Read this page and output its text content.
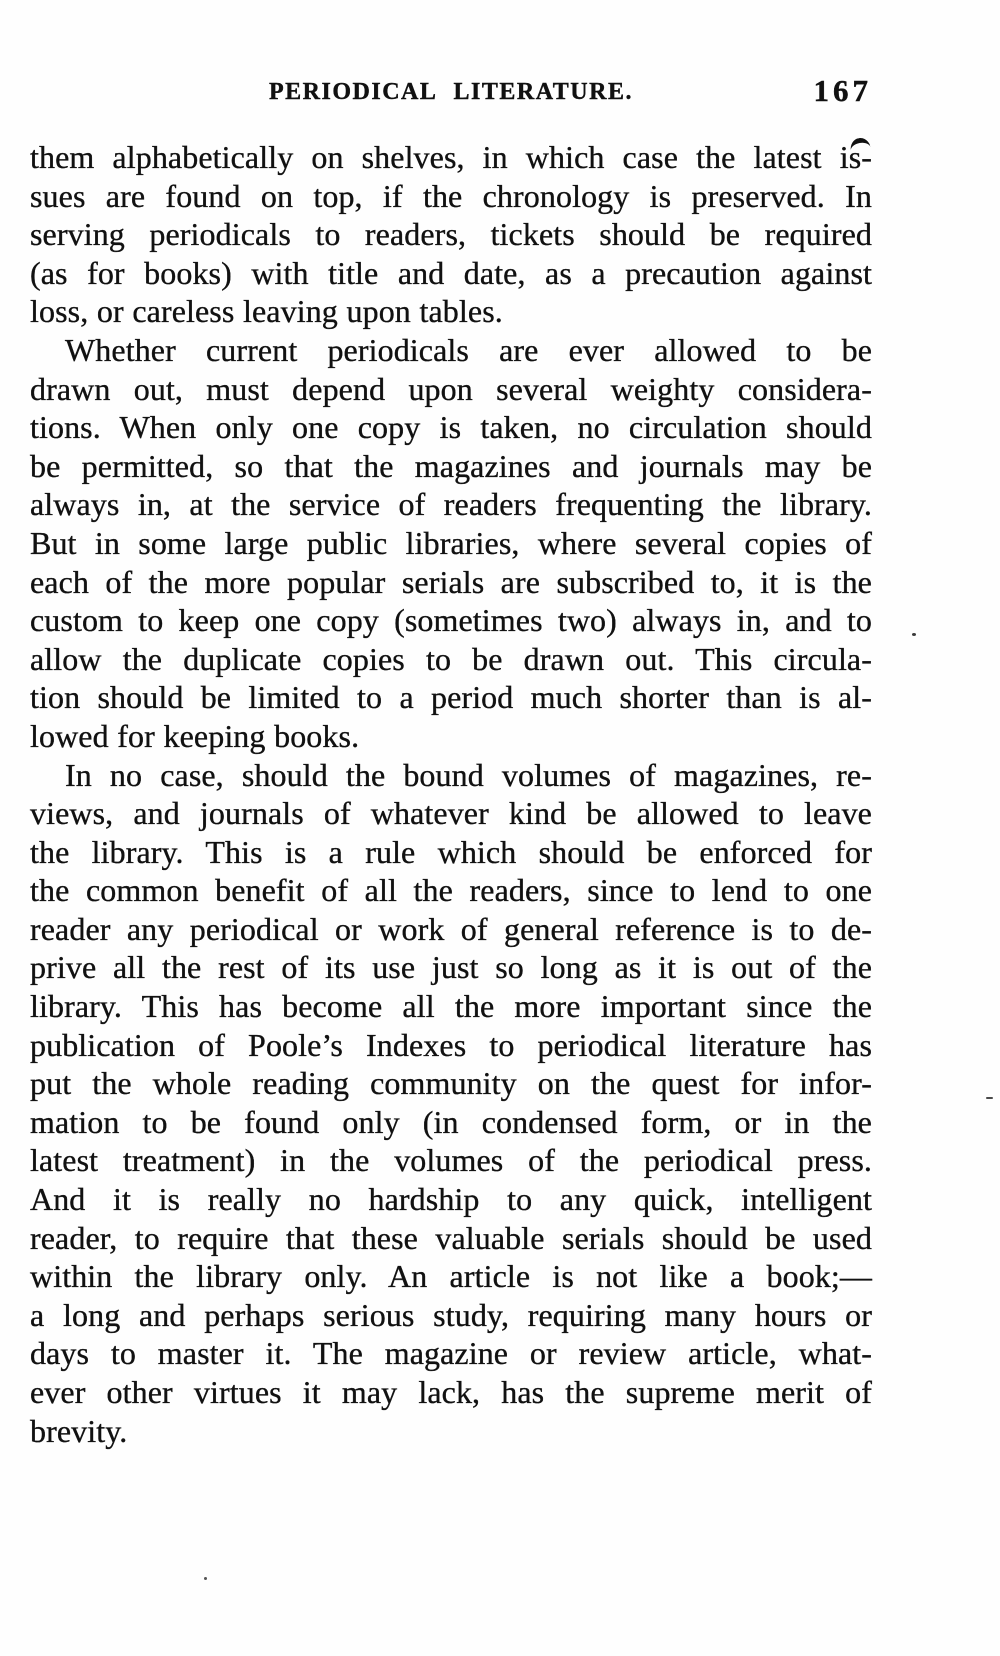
PERIODICAL LITERATURE.	167
them alphabetically on shelves, in which case the latest is-
sues are found on top, if the chronology is preserved. In
serving periodicals to readers, tickets should be required
(as for books) with title and date, as a precaution against
loss, or careless leaving upon tables.
Whether current periodicals are ever allowed to be
drawn out, must depend upon several weighty considera-
tions. When only one copy is taken, no circulation should
be permitted, so that the magazines and journals may be
always in, at the service of readers frequenting the library.
But in some large public libraries, where several copies of
each of the more popular serials are subscribed to, it is the
custom to keep one copy (sometimes two) always in, and to
allow the duplicate copies to be drawn out. This circula-
tion should be limited to a period much shorter than is al-
lowed for keeping books.
In no case, should the bound volumes of magazines, re-
views, and journals of whatever kind be allowed to leave
the library. This is a rule which should be enforced for
the common benefit of all the readers, since to lend to one
reader any periodical or work of general reference is to de-
prive all the rest of its use just so long as it is out of the
library. This has become all the more important since the
publication of Poole’s Indexes to periodical literature has
put the whole reading community on the quest for infor-
mation to be found only (in condensed form, or in the
latest treatment) in the volumes of the periodical press.
And it is really no hardship to any quick, intelligent
reader, to require that these valuable serials should be used
within the library only. An article is not like a book;—
a long and perhaps serious study, requiring many hours or
days to master it. The magazine or review article, what-
ever other virtues it may lack, has the supreme merit of
brevity.
